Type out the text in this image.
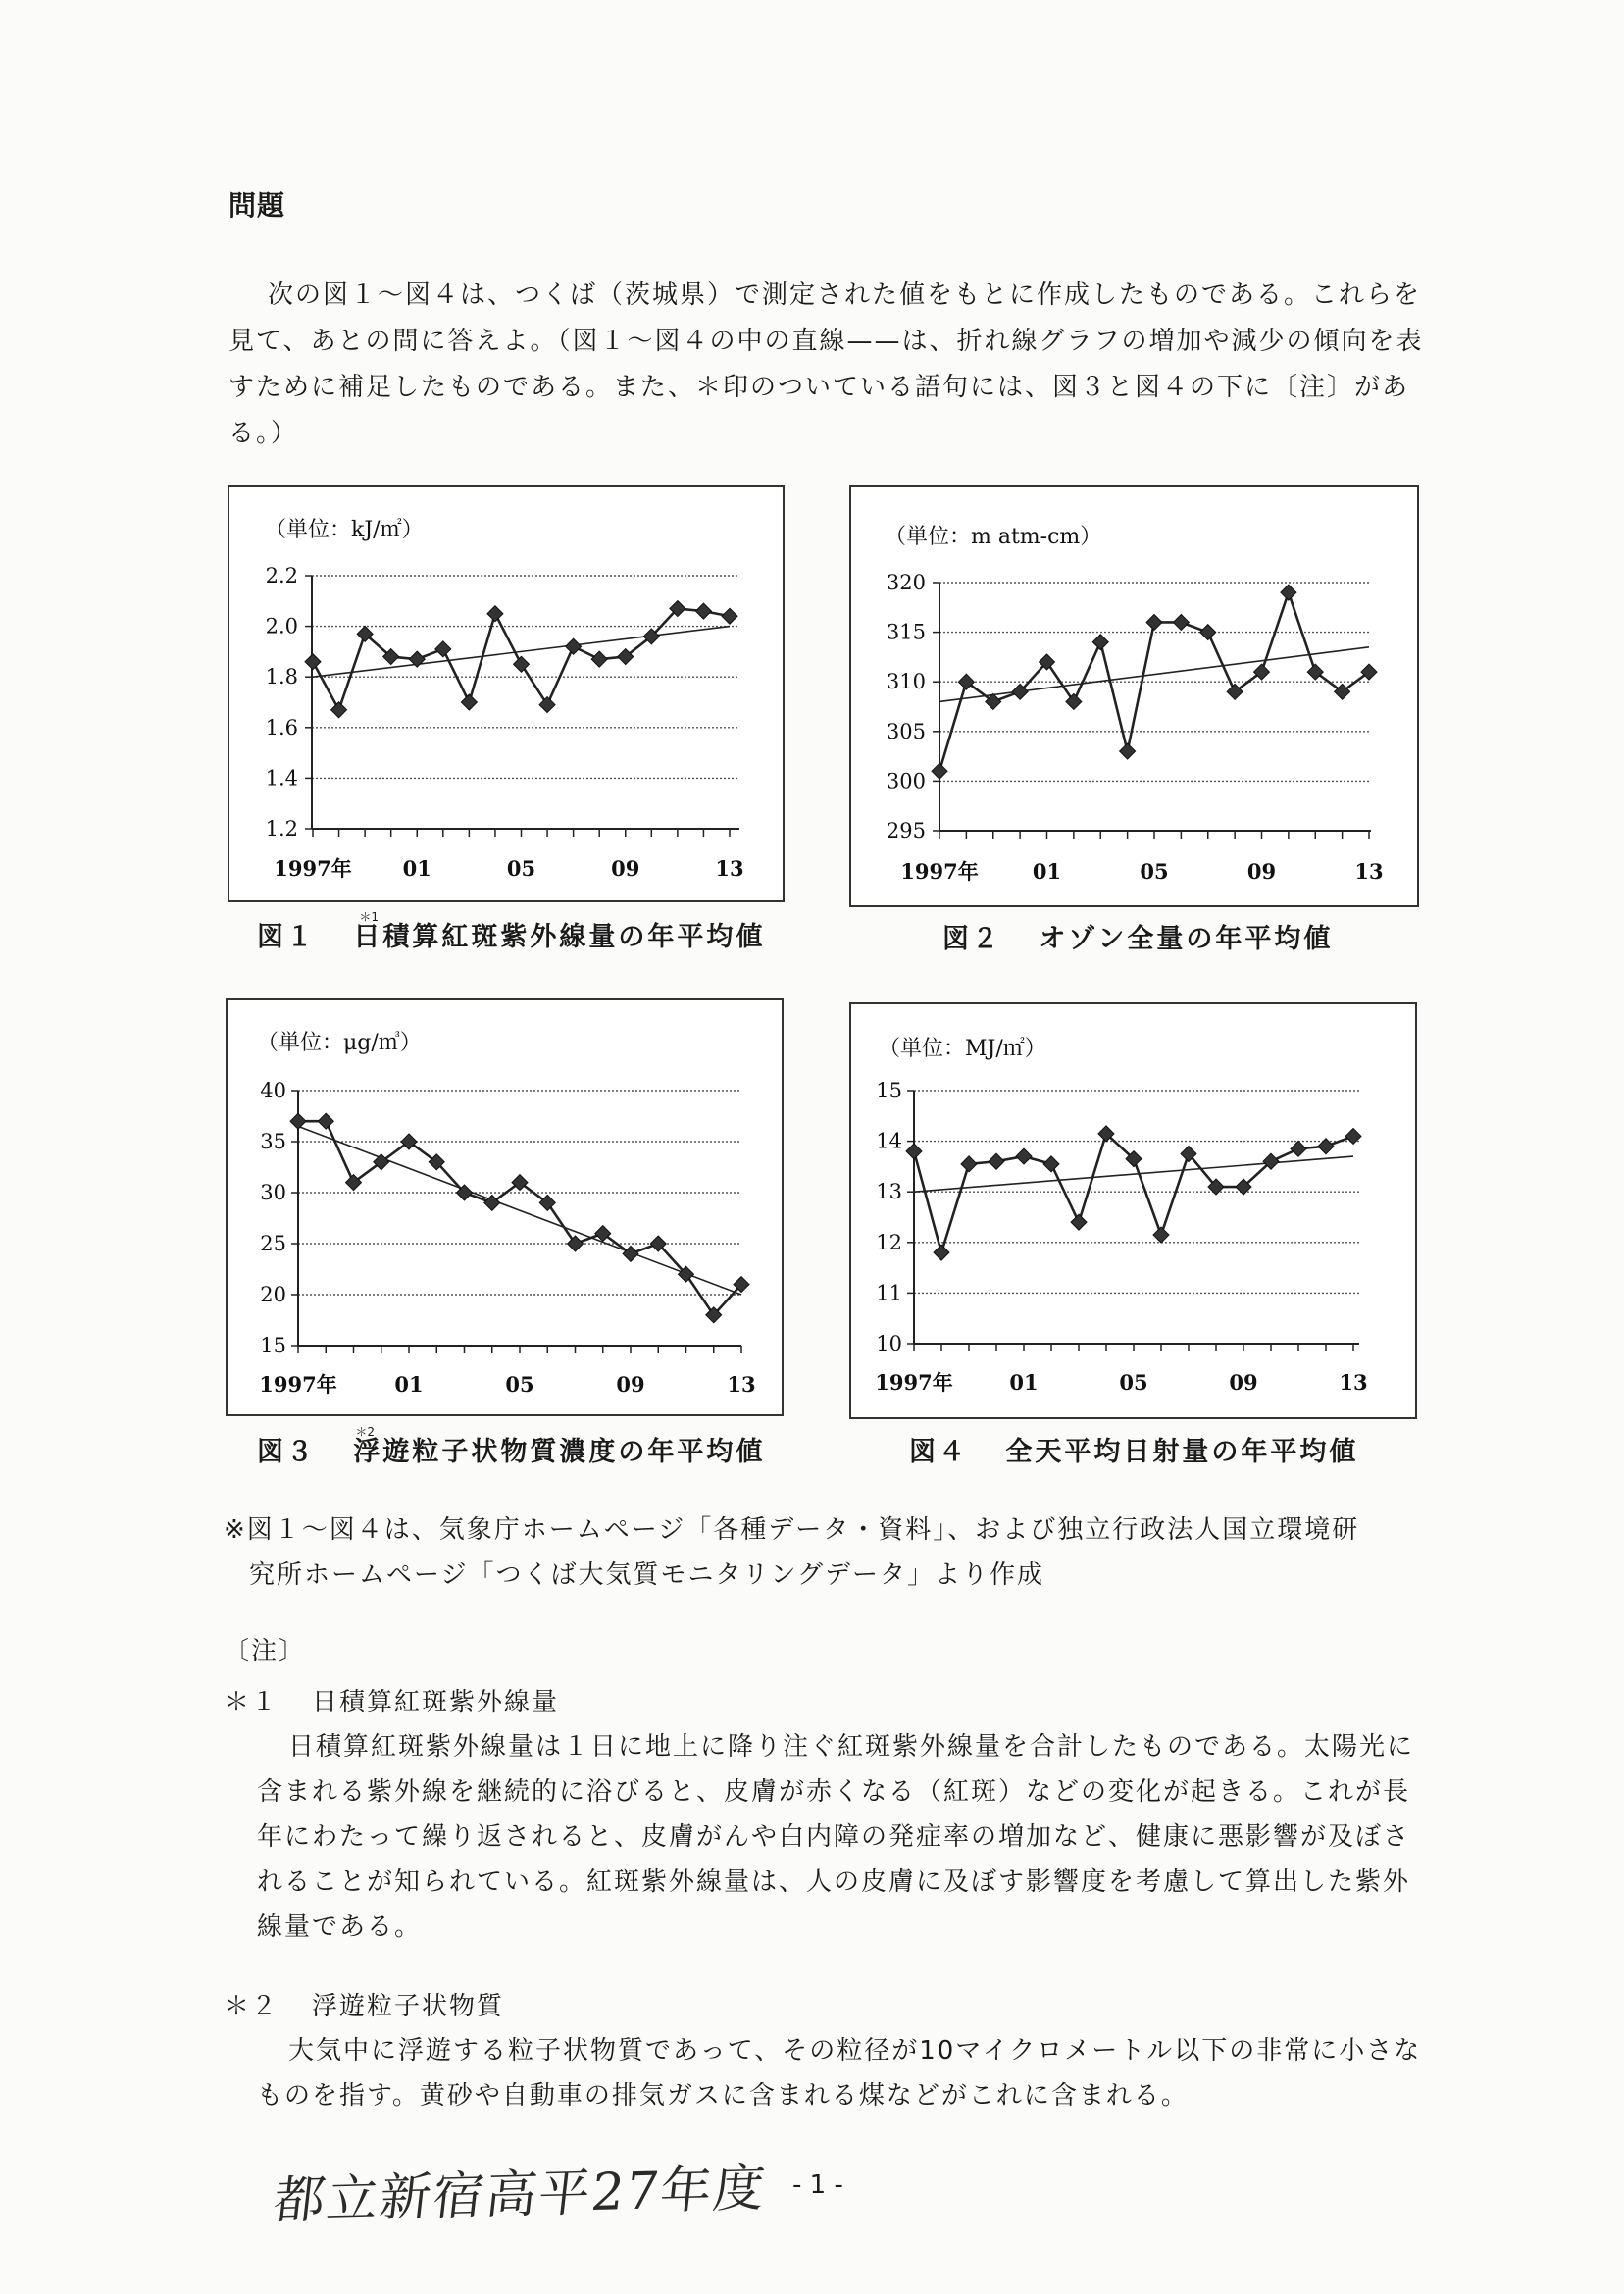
問題
次の図１～図４は、つくば（茨城県）で測定された値をもとに作成したものである。これらを見て、あとの問に答えよ。（図１～図４の中の直線——は、折れ線グラフの増加や減少の傾向を表すために補足したものである。また、＊印のついている語句には、図３と図４の下に〔注〕がある。）
（単位：kJ/㎡）
2.2
2.0
1.8
1.6
1.4
1.2
1997年 01	05	09	13
図１
＊1
日積算紅斑紫外線量の年平均値
（単位：m atm-cm）
320
315
310
305
300
295
1997年	01	05	09	13
図２ オゾン全量の年平均値
（単位：μg/㎥）
40
35
30
25
20
15
1997年	01	05	09	13
図３
＊2
浮遊粒子状物質濃度の年平均値
（単位：MJ/㎡）
15
14
13
12
11
10
1997年	01	05	09	13
図４ 全天平均日射量の年平均値
※図１～図４は、気象庁ホームページ「各種データ・資料」、および独立行政法人国立環境研
究所ホームページ「つくば大気質モニタリングデータ」より作成
〔注〕
＊１ 日積算紅斑紫外線量
日積算紅斑紫外線量は１日に地上に降り注ぐ紅斑紫外線量を合計したものである。太陽光に含まれる紫外線を継続的に浴びると、皮膚が赤くなる（紅斑）などの変化が起きる。これが長年にわたって繰り返されると、皮膚がんや白内障の発症率の増加など、健康に悪影響が及ぼされることが知られている。紅斑紫外線量は、人の皮膚に及ぼす影響度を考慮して算出した紫外線量である。
＊２ 浮遊粒子状物質
大気中に浮遊する粒子状物質であって、その粒径が10マイクロメートル以下の非常に小さなものを指す。黄砂や自動車の排気ガスに含まれる煤などがこれに含まれる。
都立新宿高平27年度 - 1 -
